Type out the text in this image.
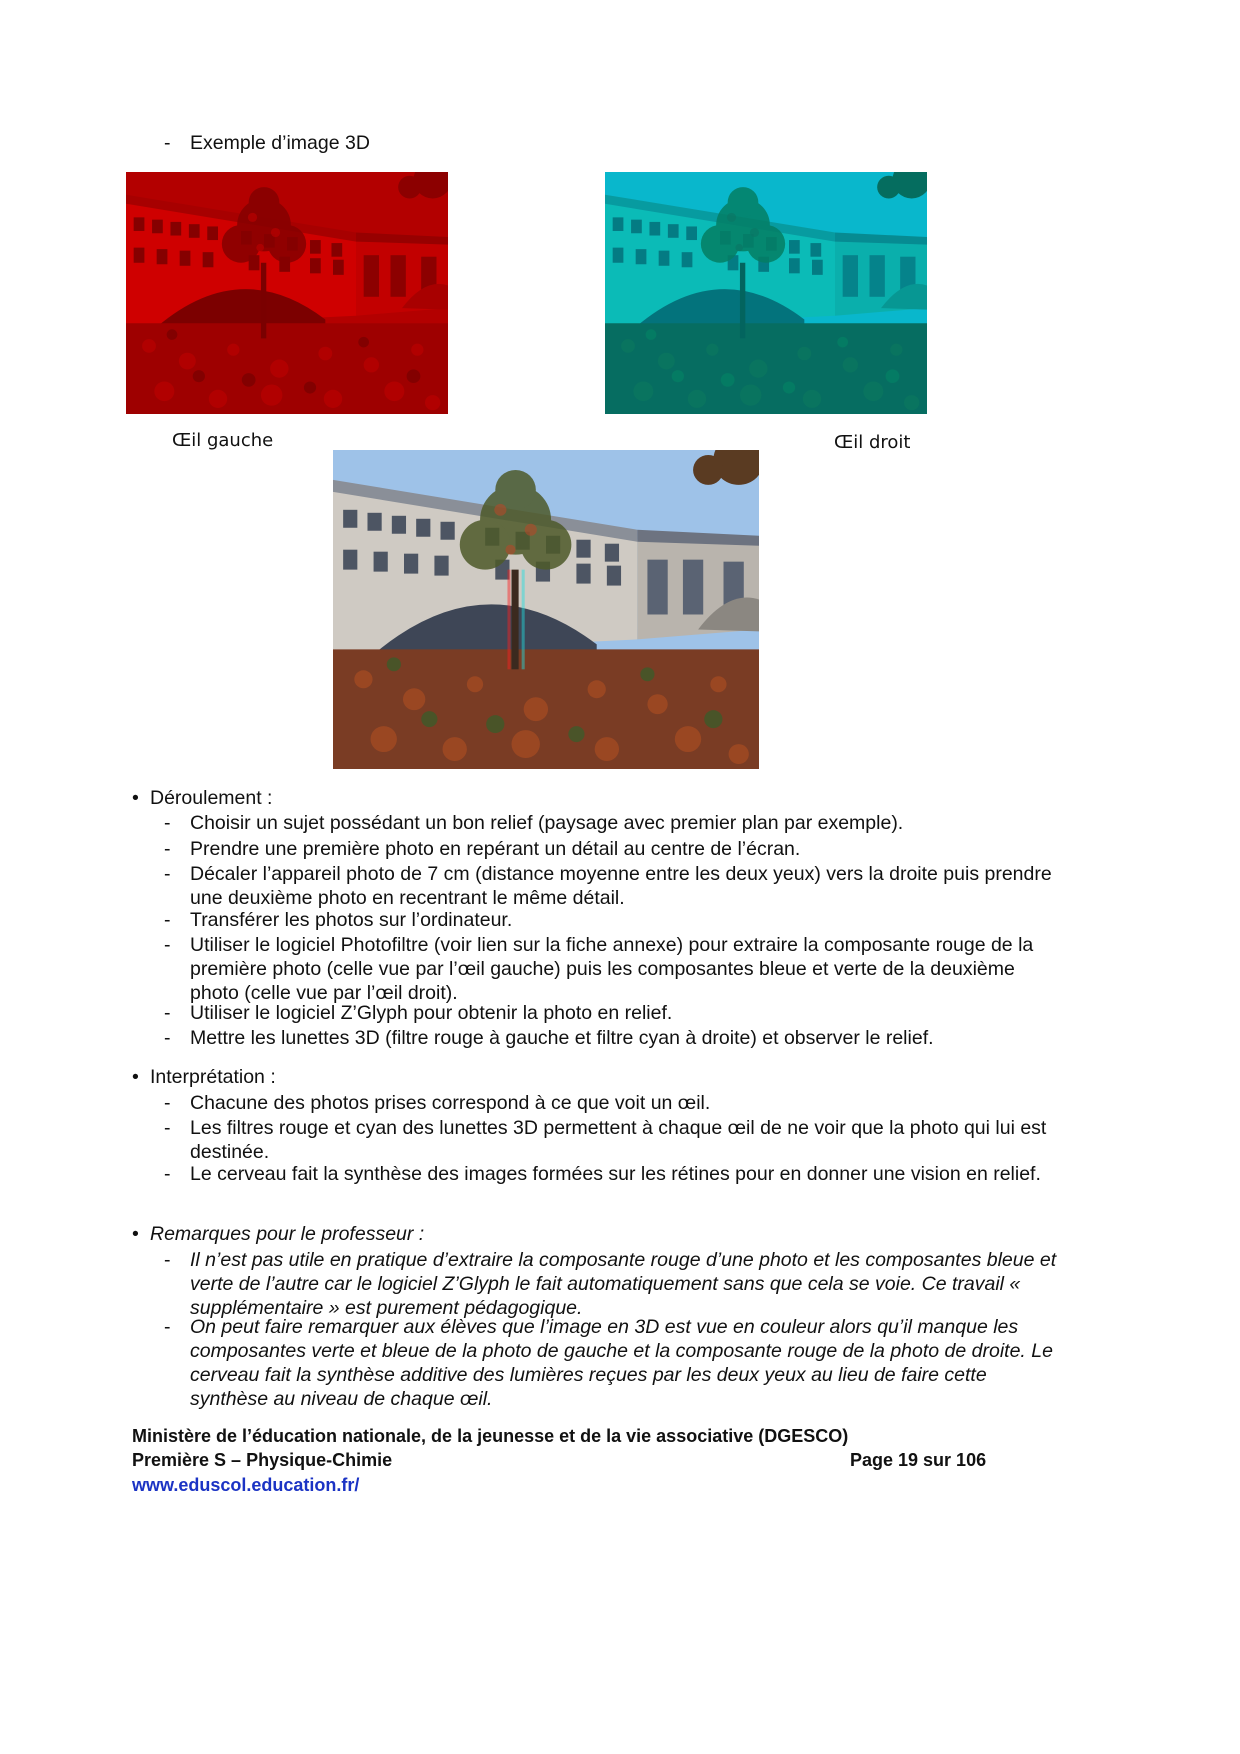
- Exemple d’image 3D
Œil gauche	Œil droit
• Déroulement :
- Choisir un sujet possédant un bon relief (paysage avec premier plan par exemple).
- Prendre une première photo en repérant un détail au centre de l’écran.
- Décaler l’appareil photo de 7 cm (distance moyenne entre les deux yeux) vers la droite puis prendre une deuxième photo en recentrant le même détail.
- Transférer les photos sur l’ordinateur.
- Utiliser le logiciel Photofiltre (voir lien sur la fiche annexe) pour extraire la composante rouge de la première photo (celle vue par l’œil gauche) puis les composantes bleue et verte de la deuxième photo (celle vue par l’œil droit).
- Utiliser le logiciel Z’Glyph pour obtenir la photo en relief.
- Mettre les lunettes 3D (filtre rouge à gauche et filtre cyan à droite) et observer le relief.
• Interprétation :
- Chacune des photos prises correspond à ce que voit un œil.
- Les filtres rouge et cyan des lunettes 3D permettent à chaque œil de ne voir que la photo qui lui est destinée.
- Le cerveau fait la synthèse des images formées sur les rétines pour en donner une vision en relief.
• Remarques pour le professeur :
- Il n’est pas utile en pratique d’extraire la composante rouge d’une photo et les composantes bleue et verte de l’autre car le logiciel Z’Glyph le fait automatiquement sans que cela se voie. Ce travail « supplémentaire » est purement pédagogique.
- On peut faire remarquer aux élèves que l’image en 3D est vue en couleur alors qu’il manque les composantes verte et bleue de la photo de gauche et la composante rouge de la photo de droite. Le cerveau fait la synthèse additive des lumières reçues par les deux yeux au lieu de faire cette synthèse au niveau de chaque œil.
Ministère de l’éducation nationale, de la jeunesse et de la vie associative (DGESCO)
Première S – Physique-Chimie	Page 19 sur 106
www.eduscol.education.fr/
